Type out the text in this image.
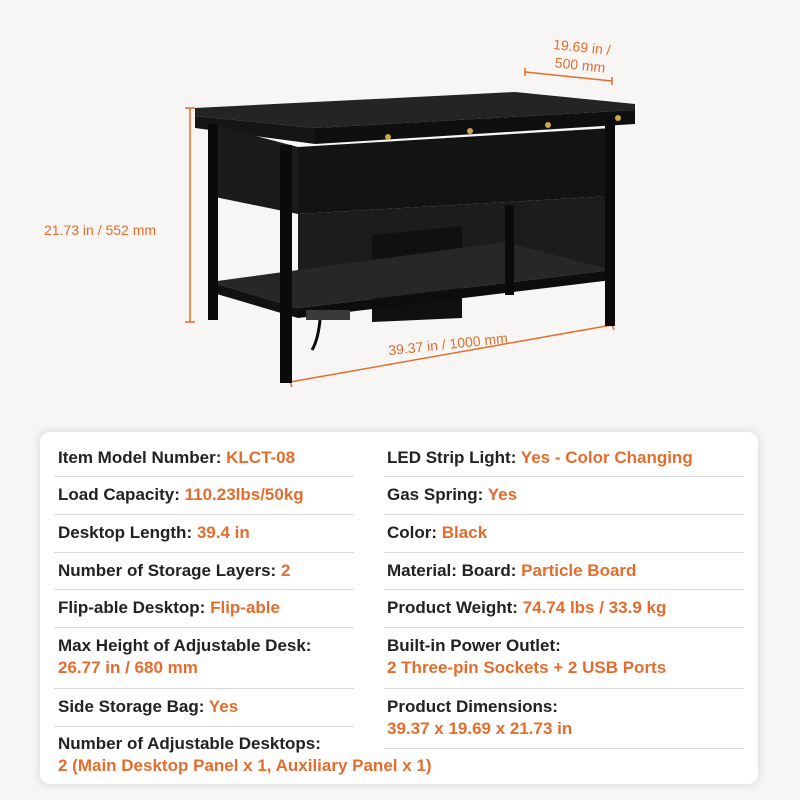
19.69 in /
500 mm
21.73 in / 552 mm
39.37 in / 1000 mm
Item Model Number: KLCT-08
Load Capacity: 110.23lbs/50kg
Desktop Length: 39.4 in
Number of Storage Layers: 2
Flip-able Desktop: Flip-able
Max Height of Adjustable Desk:
26.77 in / 680 mm
Side Storage Bag: Yes
Number of Adjustable Desktops:
2 (Main Desktop Panel x 1, Auxiliary Panel x 1)
LED Strip Light: Yes - Color Changing
Gas Spring: Yes
Color: Black
Material: Board: Particle Board
Product Weight: 74.74 lbs / 33.9 kg
Built-in Power Outlet:
2 Three-pin Sockets + 2 USB Ports
Product Dimensions:
39.37 x 19.69 x 21.73 in
